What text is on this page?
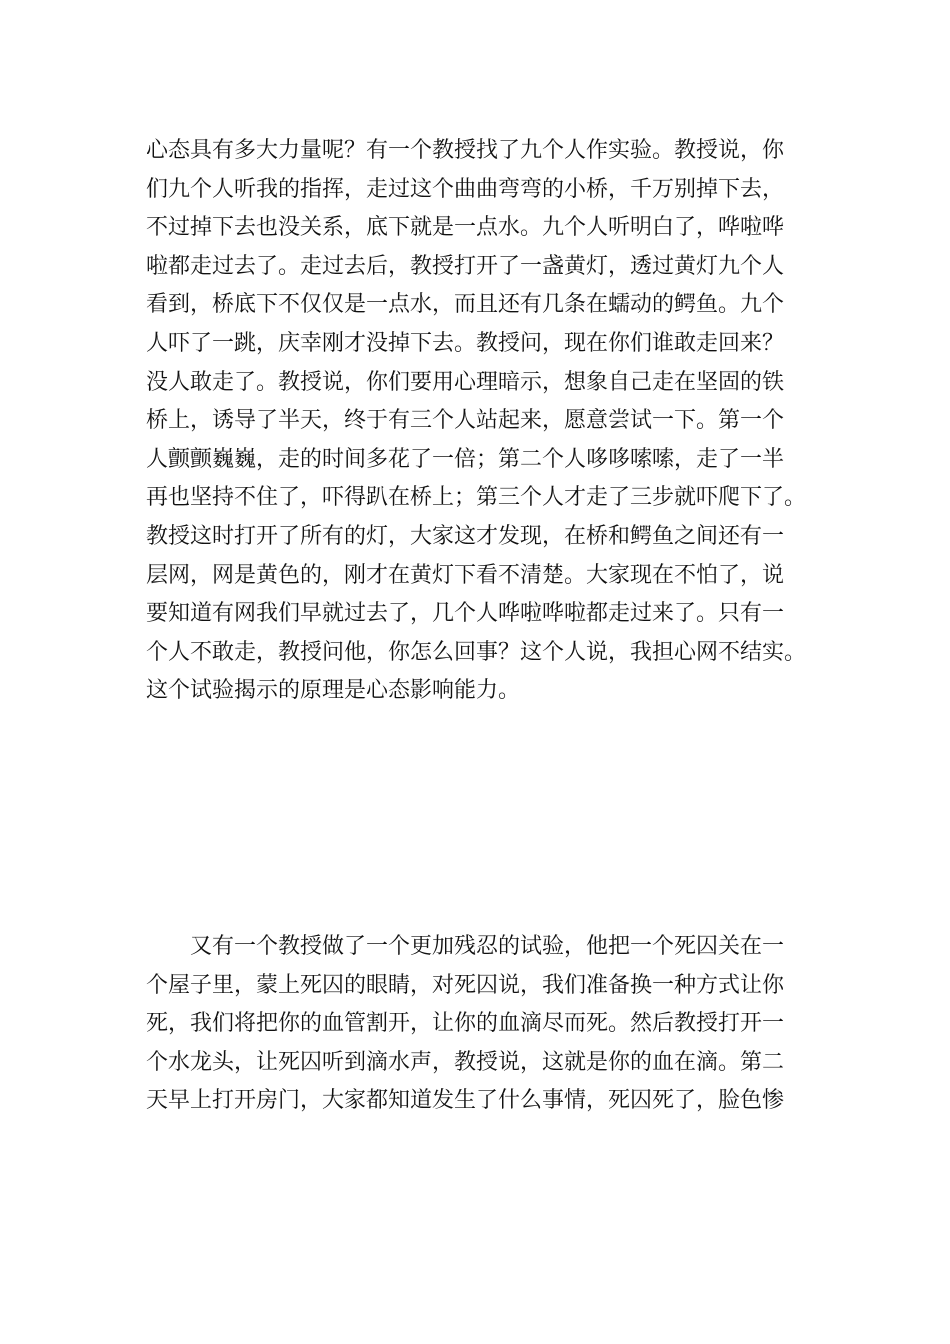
心态具有多大力量呢？有一个教授找了九个人作实验。教授说，你
们九个人听我的指挥，走过这个曲曲弯弯的小桥，千万别掉下去，
不过掉下去也没关系，底下就是一点水。九个人听明白了，哗啦哗
啦都走过去了。走过去后，教授打开了一盏黄灯，透过黄灯九个人
看到，桥底下不仅仅是一点水，而且还有几条在蠕动的鳄鱼。九个
人吓了一跳，庆幸刚才没掉下去。教授问，现在你们谁敢走回来？
没人敢走了。教授说，你们要用心理暗示，想象自己走在坚固的铁
桥上，诱导了半天，终于有三个人站起来，愿意尝试一下。第一个
人颤颤巍巍，走的时间多花了一倍；第二个人哆哆嗦嗦，走了一半
再也坚持不住了，吓得趴在桥上；第三个人才走了三步就吓爬下了。
教授这时打开了所有的灯，大家这才发现，在桥和鳄鱼之间还有一
层网，网是黄色的，刚才在黄灯下看不清楚。大家现在不怕了，说
要知道有网我们早就过去了，几个人哗啦哗啦都走过来了。只有一
个人不敢走，教授问他，你怎么回事？这个人说，我担心网不结实。
这个试验揭示的原理是心态影响能力。
　　又有一个教授做了一个更加残忍的试验，他把一个死囚关在一
个屋子里，蒙上死囚的眼睛，对死囚说，我们准备换一种方式让你
死，我们将把你的血管割开，让你的血滴尽而死。然后教授打开一
个水龙头，让死囚听到滴水声，教授说，这就是你的血在滴。第二
天早上打开房门，大家都知道发生了什么事情，死囚死了，脸色惨
